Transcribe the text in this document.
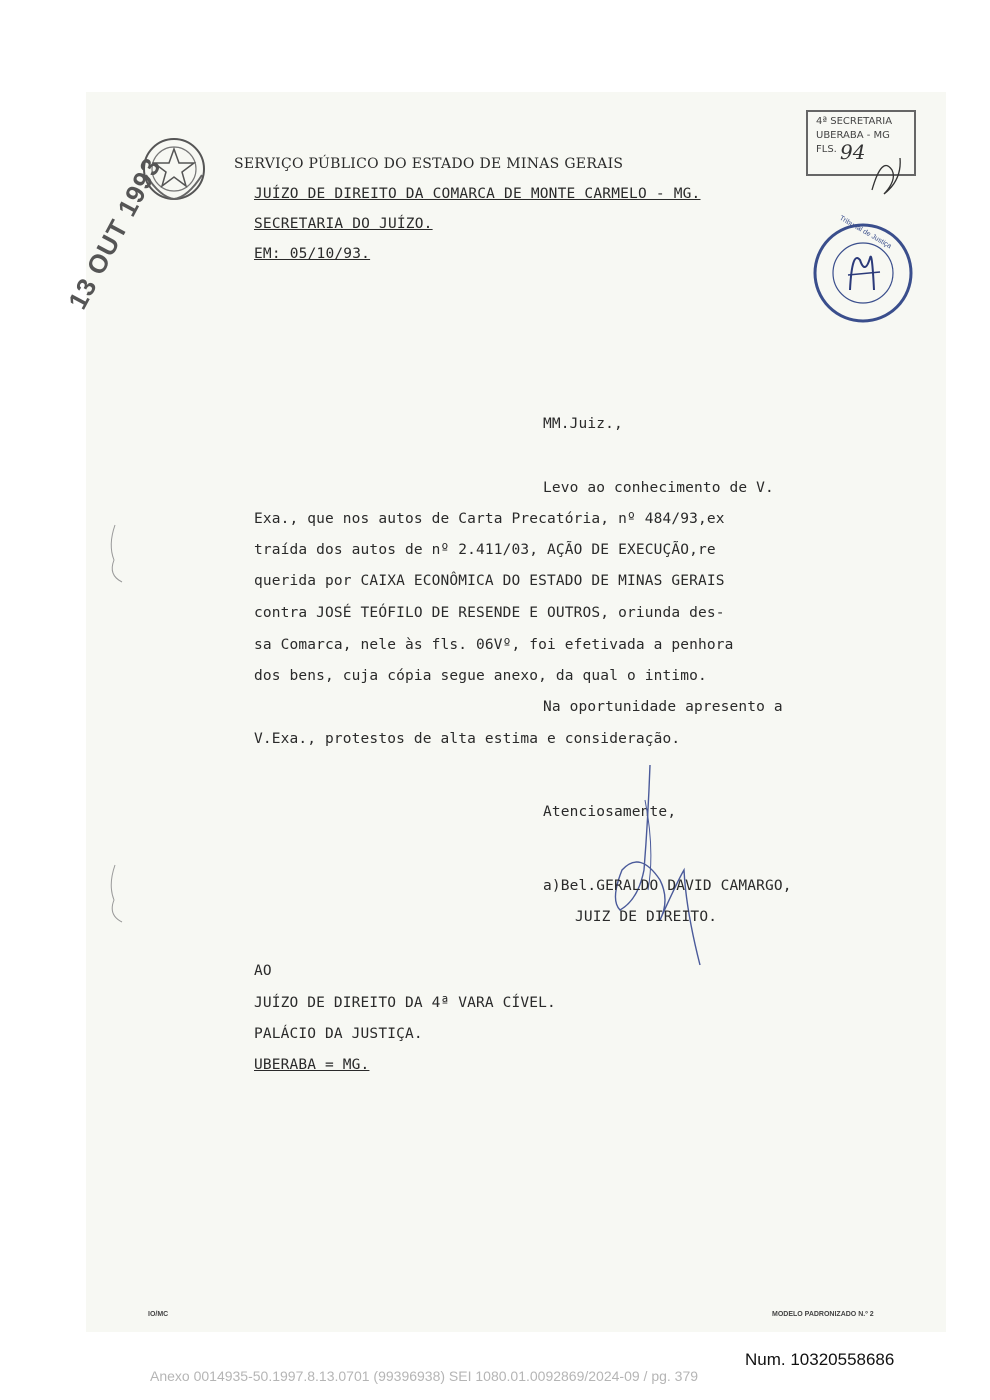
SERVIÇO PÚBLICO DO ESTADO DE MINAS GERAIS
JUÍZO DE DIREITO DA COMARCA DE MONTE CARMELO - MG.
SECRETARIA DO JUÍZO.
EM: 05/10/93.
4ª SECRETARIA
UBERABA - MG
FLS. 94
13 OUT 1993	Tribunal de Justiça
MM.Juiz.,
Levo ao conhecimento de V.
Exa., que nos autos de Carta Precatória, nº 484/93,ex
traída dos autos de nº 2.411/03, AÇÃO DE EXECUÇÃO,re
querida por CAIXA ECONÔMICA DO ESTADO DE MINAS GERAIS
contra JOSÉ TEÓFILO DE RESENDE E OUTROS, oriunda des-
sa Comarca, nele às fls. 06Vº, foi efetivada a penhora
dos bens, cuja cópia segue anexo, da qual o intimo.
Na oportunidade apresento a
V.Exa., protestos de alta estima e consideração.
Atenciosamente,
a)Bel.GERALDO DAVID CAMARGO,
JUIZ DE DIREITO.
AO
JUÍZO DE DIREITO DA 4ª VARA CÍVEL.
PALÁCIO DA JUSTIÇA.
UBERABA = MG.
IO/MC	MODELO PADRONIZADO N.º 2
Num. 10320558686
Anexo 0014935-50.1997.8.13.0701 (99396938) SEI 1080.01.0092869/2024-09 / pg. 379
